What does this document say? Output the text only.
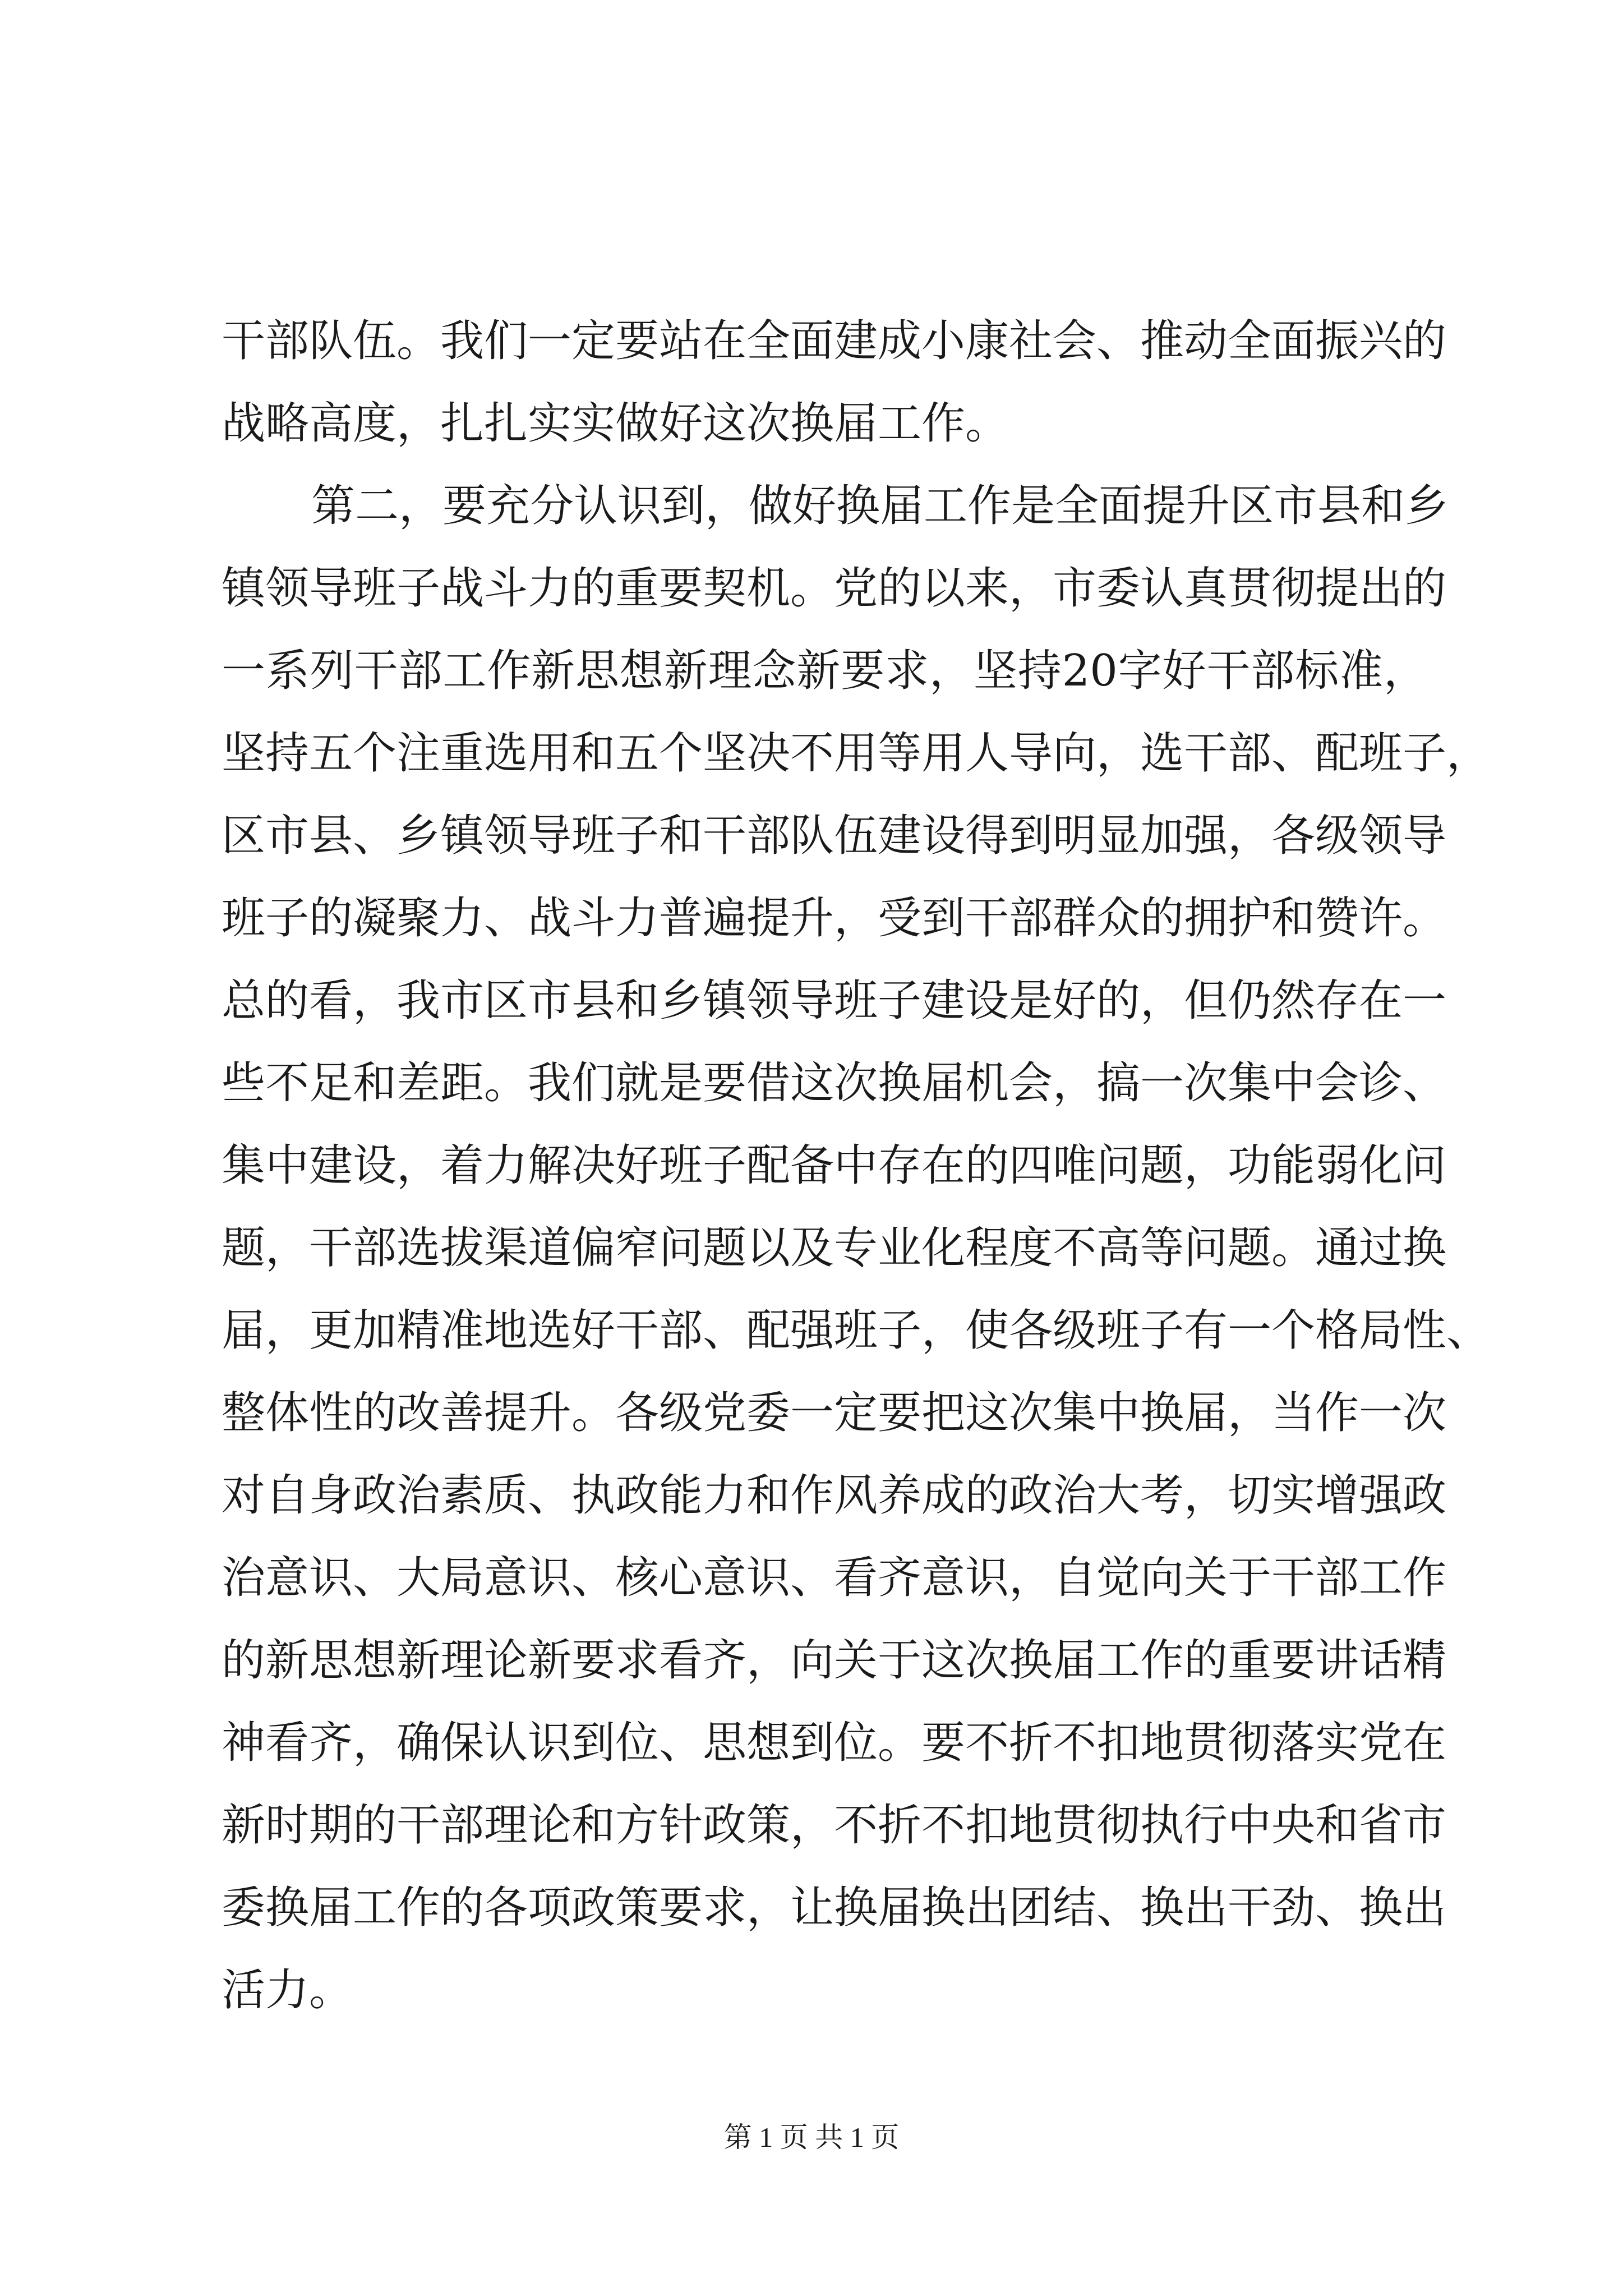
干部队伍。我们一定要站在全面建成小康社会、推动全面振兴的
战略高度，扎扎实实做好这次换届工作。
第二，要充分认识到，做好换届工作是全面提升区市县和乡
镇领导班子战斗力的重要契机。党的以来，市委认真贯彻提出的
一系列干部工作新思想新理念新要求，坚持20字好干部标准，
坚持五个注重选用和五个坚决不用等用人导向，选干部、配班子，
区市县、乡镇领导班子和干部队伍建设得到明显加强，各级领导
班子的凝聚力、战斗力普遍提升，受到干部群众的拥护和赞许。
总的看，我市区市县和乡镇领导班子建设是好的，但仍然存在一
些不足和差距。我们就是要借这次换届机会，搞一次集中会诊、
集中建设，着力解决好班子配备中存在的四唯问题，功能弱化问
题，干部选拔渠道偏窄问题以及专业化程度不高等问题。通过换
届，更加精准地选好干部、配强班子，使各级班子有一个格局性、
整体性的改善提升。各级党委一定要把这次集中换届，当作一次
对自身政治素质、执政能力和作风养成的政治大考，切实增强政
治意识、大局意识、核心意识、看齐意识，自觉向关于干部工作
的新思想新理论新要求看齐，向关于这次换届工作的重要讲话精
神看齐，确保认识到位、思想到位。要不折不扣地贯彻落实党在
新时期的干部理论和方针政策，不折不扣地贯彻执行中央和省市
委换届工作的各项政策要求，让换届换出团结、换出干劲、换出
活力。
第 1 页 共 1 页
